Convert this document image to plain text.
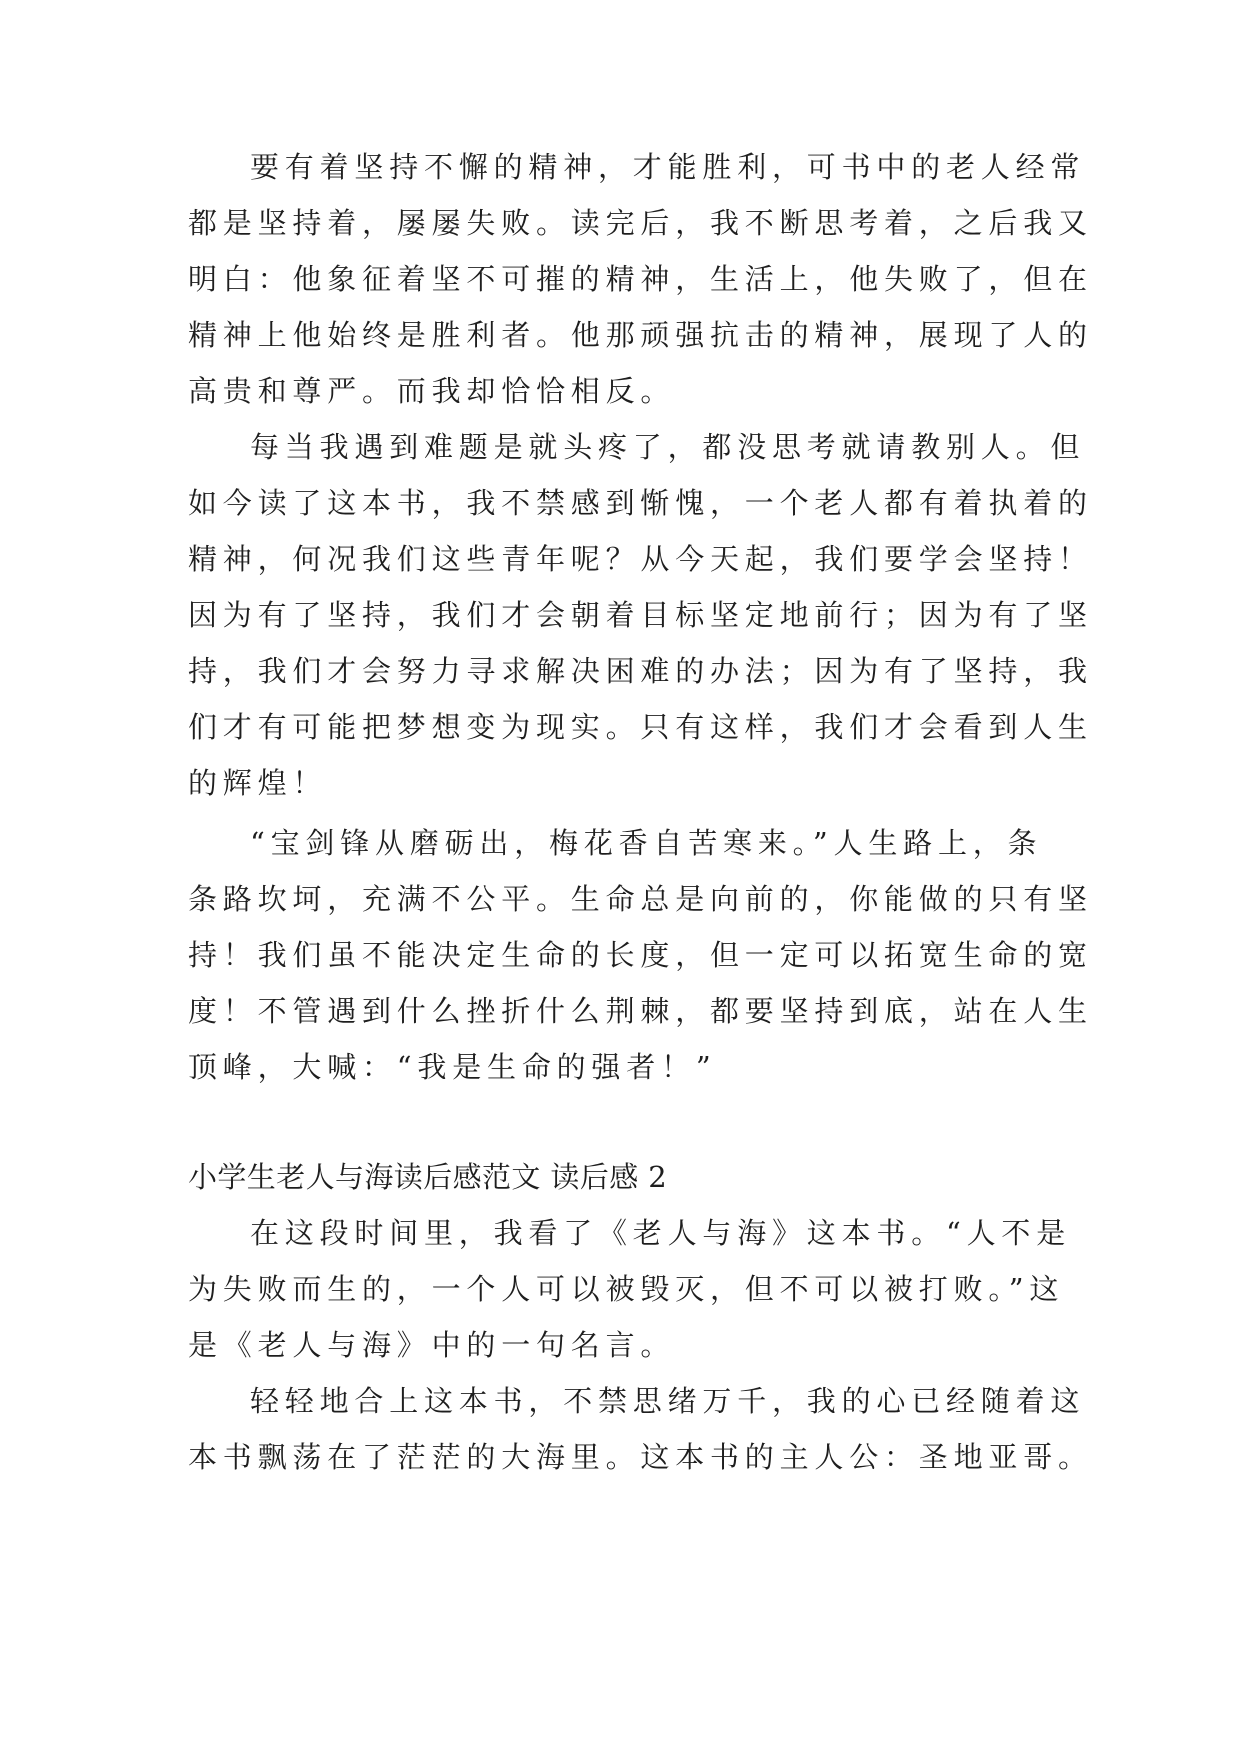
要有着坚持不懈的精神，才能胜利，可书中的老人经常
都是坚持着，屡屡失败。读完后，我不断思考着，之后我又
明白：他象征着坚不可摧的精神，生活上，他失败了，但在
精神上他始终是胜利者。他那顽强抗击的精神，展现了人的
高贵和尊严。而我却恰恰相反。
每当我遇到难题是就头疼了，都没思考就请教别人。但
如今读了这本书，我不禁感到惭愧，一个老人都有着执着的
精神，何况我们这些青年呢？从今天起，我们要学会坚持！
因为有了坚持，我们才会朝着目标坚定地前行；因为有了坚
持，我们才会努力寻求解决困难的办法；因为有了坚持，我
们才有可能把梦想变为现实。只有这样，我们才会看到人生
的辉煌！
“宝剑锋从磨砺出，梅花香自苦寒来。”人生路上，条
条路坎坷，充满不公平。生命总是向前的，你能做的只有坚
持！我们虽不能决定生命的长度，但一定可以拓宽生命的宽
度！不管遇到什么挫折什么荆棘，都要坚持到底，站在人生
顶峰，大喊：“我是生命的强者！”
小学生老人与海读后感范文 读后感 2
在这段时间里，我看了《老人与海》这本书。“人不是
为失败而生的，一个人可以被毁灭，但不可以被打败。”这
是《老人与海》中的一句名言。
轻轻地合上这本书，不禁思绪万千，我的心已经随着这
本书飘荡在了茫茫的大海里。这本书的主人公：圣地亚哥。
